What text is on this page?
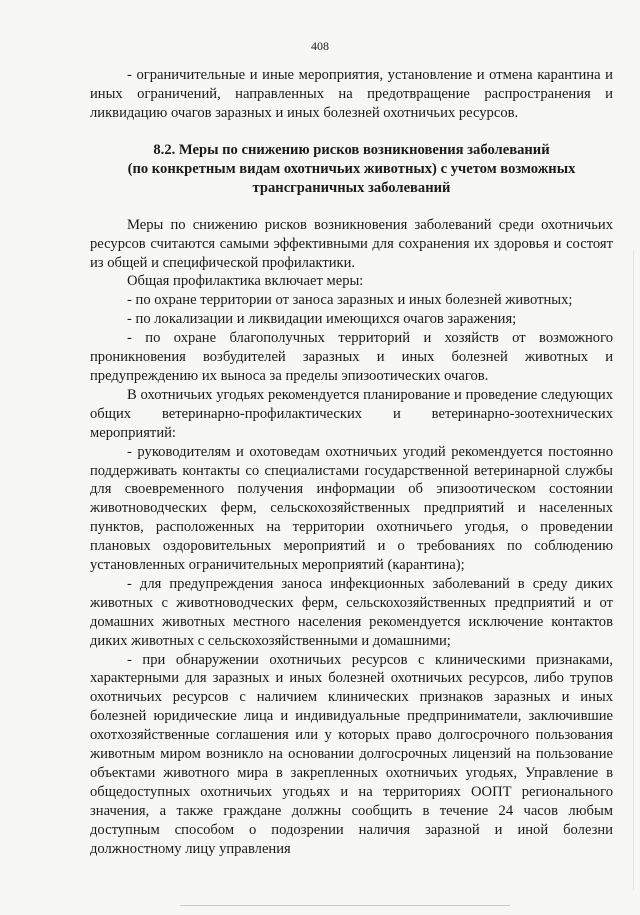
408

- ограничительные и иные мероприятия, установление и отмена карантина и иных ограничений, направленных на предотвращение распространения и ликвидацию очагов заразных и иных болезней охотничьих ресурсов.

8.2. Меры по снижению рисков возникновения заболеваний
(по конкретным видам охотничьих животных) с учетом возможных
трансграничных заболеваний

Меры по снижению рисков возникновения заболеваний среди охотничьих ресурсов считаются самыми эффективными для сохранения их здоровья и состоят из общей и специфической профилактики.

Общая профилактика включает меры:

- по охране территории от заноса заразных и иных болезней животных;

- по локализации и ликвидации имеющихся очагов заражения;

- по охране благополучных территорий и хозяйств от возможного проникновения возбудителей заразных и иных болезней животных и предупреждению их выноса за пределы эпизоотических очагов.

В охотничьих угодьях рекомендуется планирование и проведение следующих общих ветеринарно-профилактических и ветеринарно-зоотехнических мероприятий:

- руководителям и охотоведам охотничьих угодий рекомендуется постоянно поддерживать контакты со специалистами государственной ветеринарной службы для своевременного получения информации об эпизоотическом состоянии животноводческих ферм, сельскохозяйственных предприятий и населенных пунктов, расположенных на территории охотничьего угодья, о проведении плановых оздоровительных мероприятий и о требованиях по соблюдению установленных ограничительных мероприятий (карантина);

- для предупреждения заноса инфекционных заболеваний в среду диких животных с животноводческих ферм, сельскохозяйственных предприятий и от домашних животных местного населения рекомендуется исключение контактов диких животных с сельскохозяйственными и домашними;

- при обнаружении охотничьих ресурсов с клиническими признаками, характерными для заразных и иных болезней охотничьих ресурсов, либо трупов охотничьих ресурсов с наличием клинических признаков заразных и иных болезней юридические лица и индивидуальные предприниматели, заключившие охотхозяйственные соглашения или у которых право долгосрочного пользования животным миром возникло на основании долгосрочных лицензий на пользование объектами животного мира в закрепленных охотничьих угодьях, Управление в общедоступных охотничьих угодьях и на территориях ООПТ регионального значения, а также граждане должны сообщить в течение 24 часов любым доступным способом о подозрении наличия заразной и иной болезни должностному лицу управления
